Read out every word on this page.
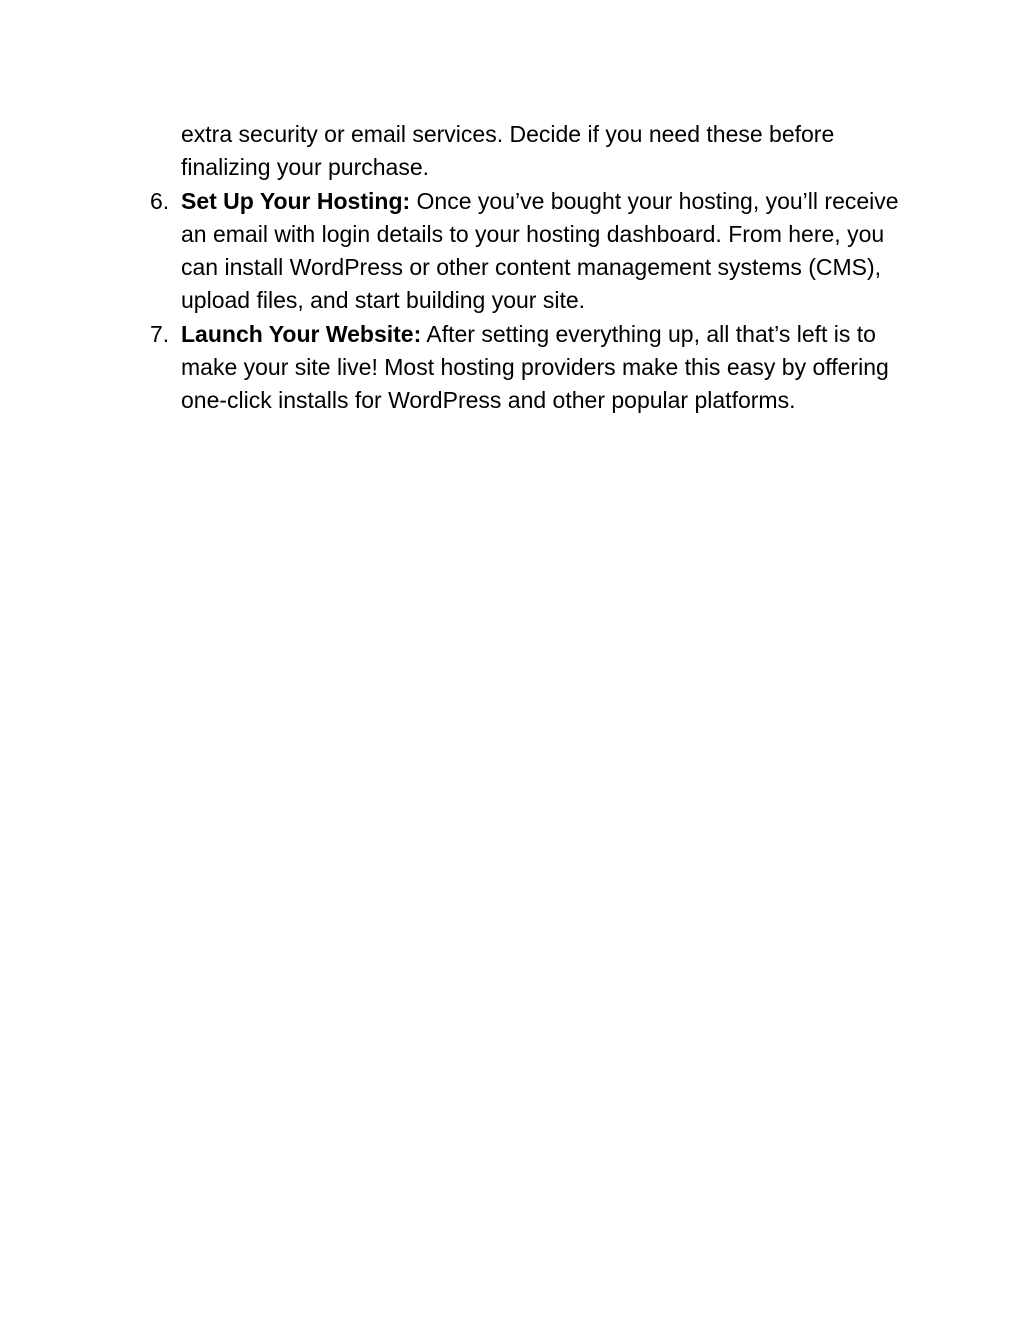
extra security or email services. Decide if you need these before finalizing your purchase.

6. Set Up Your Hosting: Once you’ve bought your hosting, you’ll receive an email with login details to your hosting dashboard. From here, you can install WordPress or other content management systems (CMS), upload files, and start building your site.
7. Launch Your Website: After setting everything up, all that’s left is to make your site live! Most hosting providers make this easy by offering one-click installs for WordPress and other popular platforms.
